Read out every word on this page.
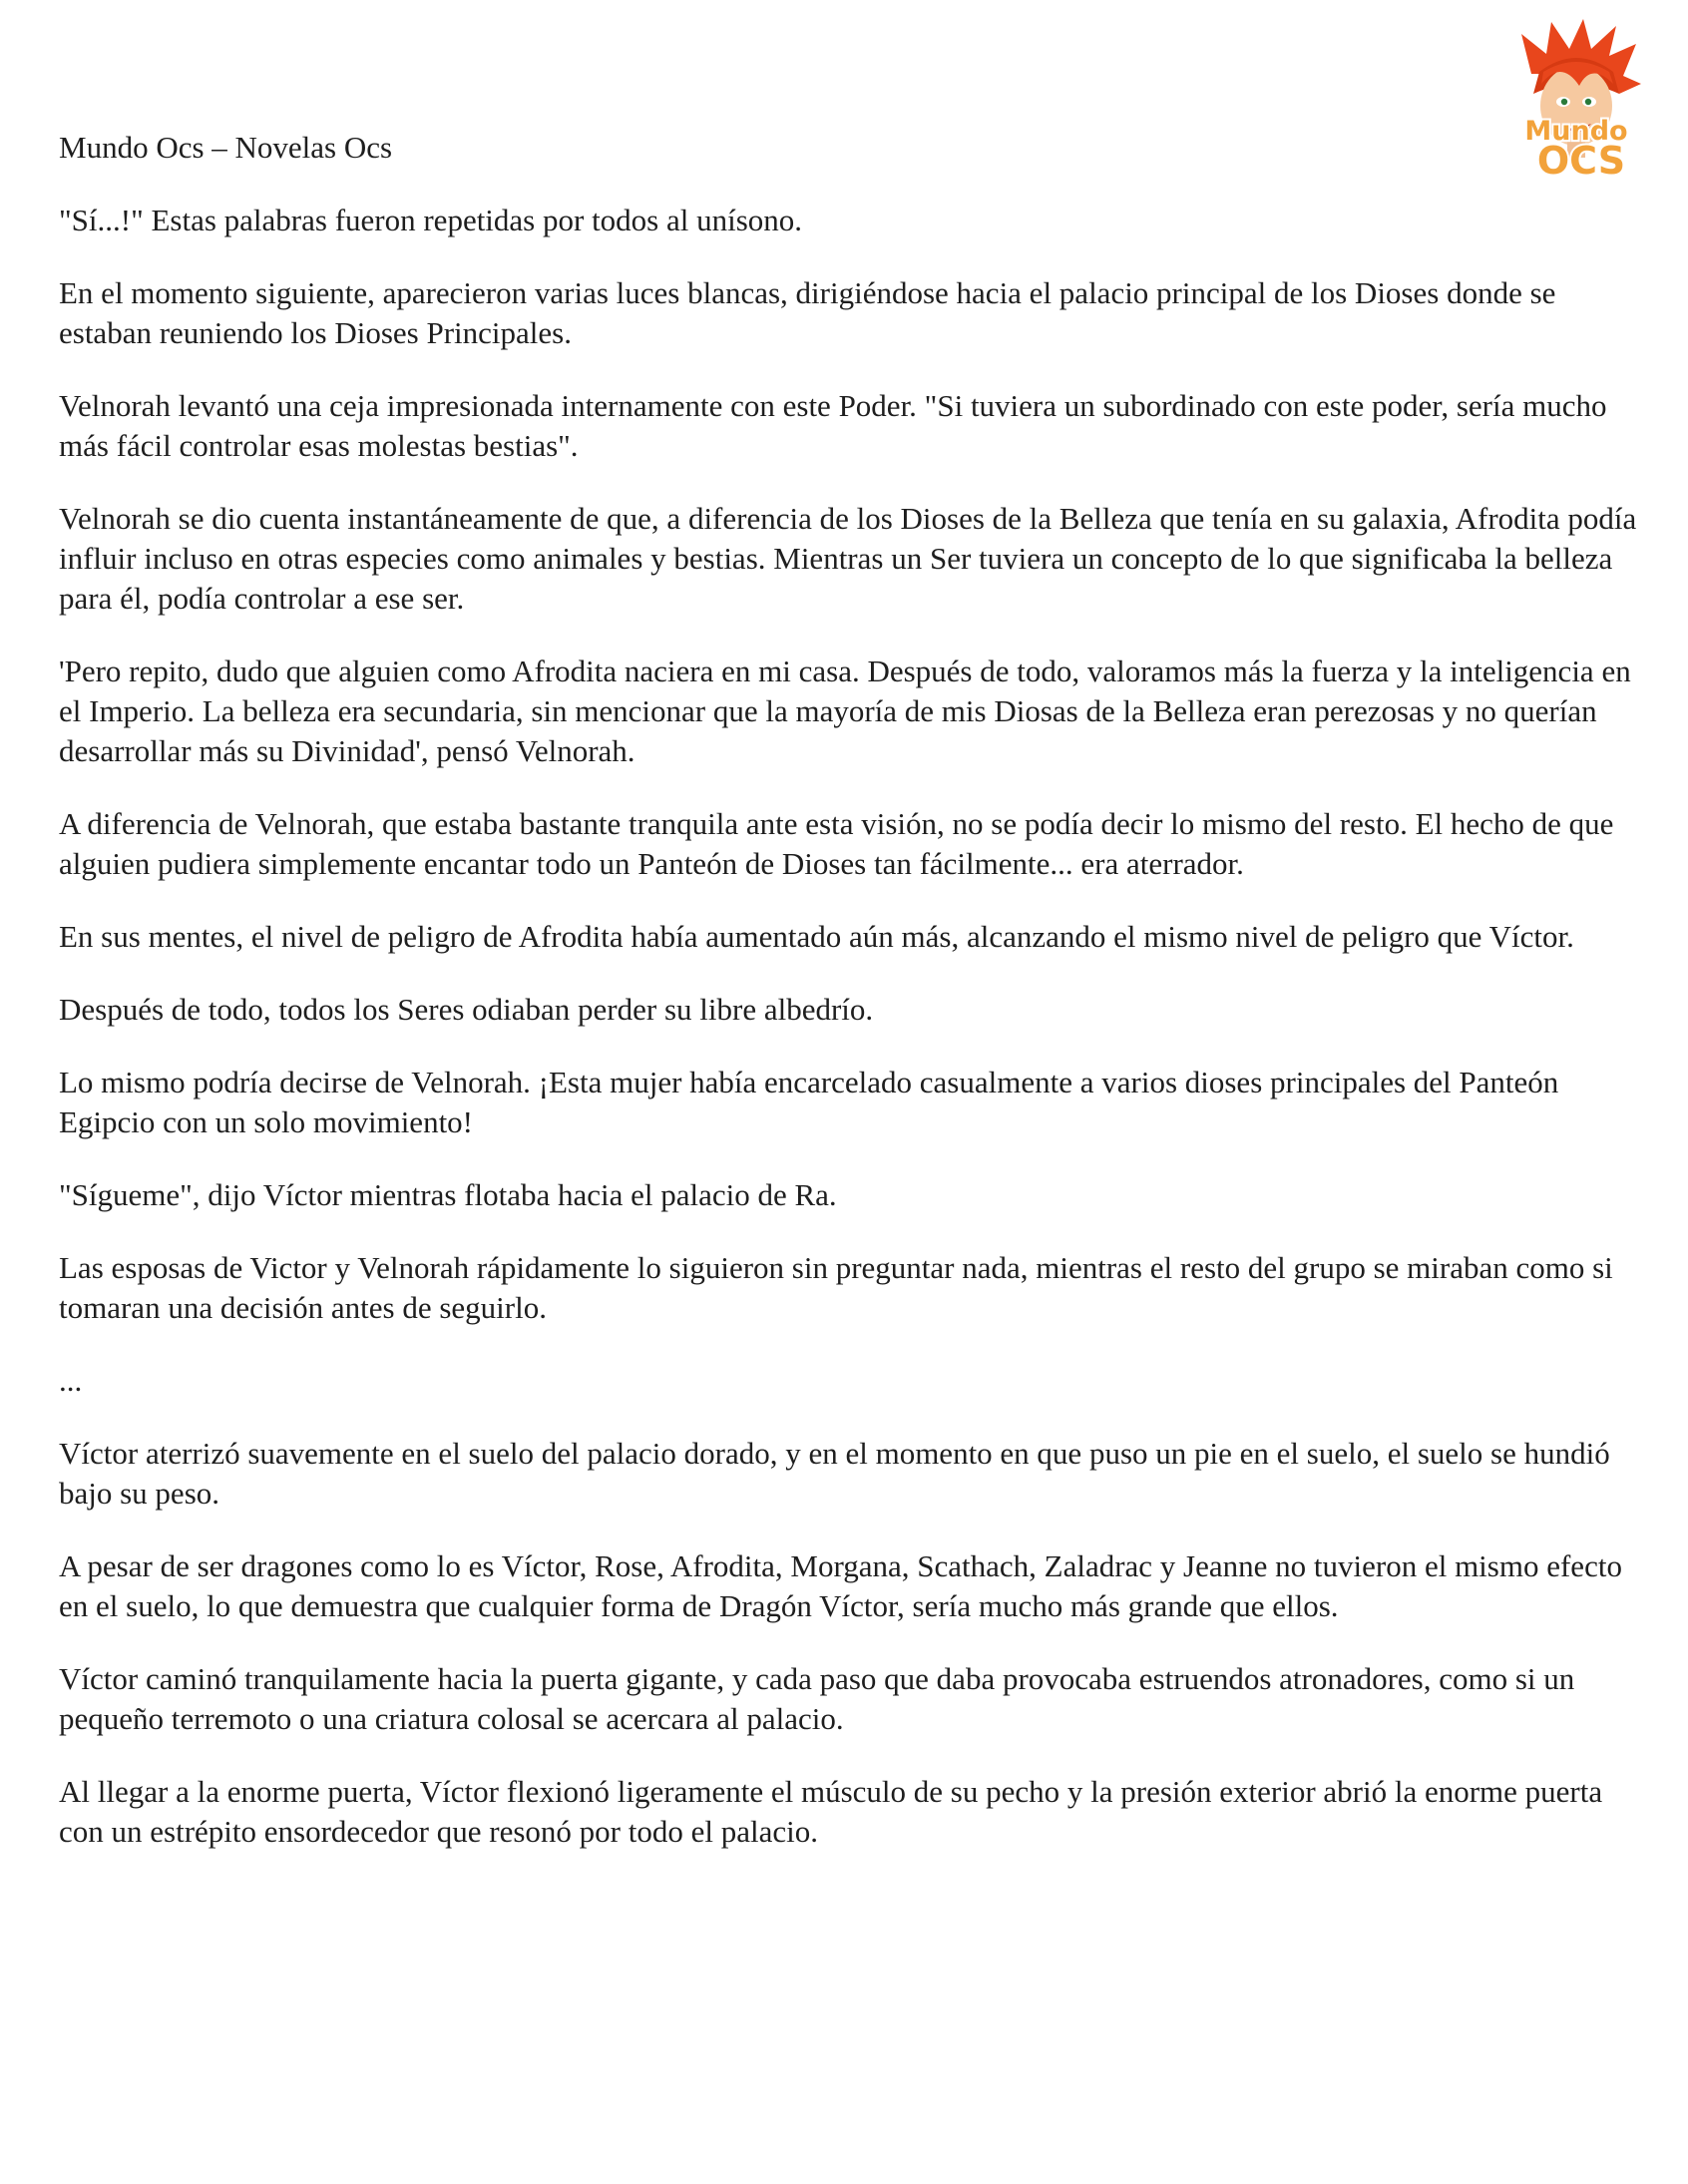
Mundo
OCS

Mundo Ocs – Novelas Ocs

"Sí...!" Estas palabras fueron repetidas por todos al unísono.

En el momento siguiente, aparecieron varias luces blancas, dirigiéndose hacia el palacio principal de los Dioses donde se estaban reuniendo los Dioses Principales.

Velnorah levantó una ceja impresionada internamente con este Poder. "Si tuviera un subordinado con este poder, sería mucho más fácil controlar esas molestas bestias".

Velnorah se dio cuenta instantáneamente de que, a diferencia de los Dioses de la Belleza que tenía en su galaxia, Afrodita podía influir incluso en otras especies como animales y bestias. Mientras un Ser tuviera un concepto de lo que significaba la belleza para él, podía controlar a ese ser.

'Pero repito, dudo que alguien como Afrodita naciera en mi casa. Después de todo, valoramos más la fuerza y la inteligencia en el Imperio. La belleza era secundaria, sin mencionar que la mayoría de mis Diosas de la Belleza eran perezosas y no querían desarrollar más su Divinidad', pensó Velnorah.

A diferencia de Velnorah, que estaba bastante tranquila ante esta visión, no se podía decir lo mismo del resto. El hecho de que alguien pudiera simplemente encantar todo un Panteón de Dioses tan fácilmente... era aterrador.

En sus mentes, el nivel de peligro de Afrodita había aumentado aún más, alcanzando el mismo nivel de peligro que Víctor.

Después de todo, todos los Seres odiaban perder su libre albedrío.

Lo mismo podría decirse de Velnorah. ¡Esta mujer había encarcelado casualmente a varios dioses principales del Panteón Egipcio con un solo movimiento!

"Sígueme", dijo Víctor mientras flotaba hacia el palacio de Ra.

Las esposas de Victor y Velnorah rápidamente lo siguieron sin preguntar nada, mientras el resto del grupo se miraban como si tomaran una decisión antes de seguirlo.

...

Víctor aterrizó suavemente en el suelo del palacio dorado, y en el momento en que puso un pie en el suelo, el suelo se hundió bajo su peso.

A pesar de ser dragones como lo es Víctor, Rose, Afrodita, Morgana, Scathach, Zaladrac y Jeanne no tuvieron el mismo efecto en el suelo, lo que demuestra que cualquier forma de Dragón Víctor, sería mucho más grande que ellos.

Víctor caminó tranquilamente hacia la puerta gigante, y cada paso que daba provocaba estruendos atronadores, como si un pequeño terremoto o una criatura colosal se acercara al palacio.

Al llegar a la enorme puerta, Víctor flexionó ligeramente el músculo de su pecho y la presión exterior abrió la enorme puerta con un estrépito ensordecedor que resonó por todo el palacio.
